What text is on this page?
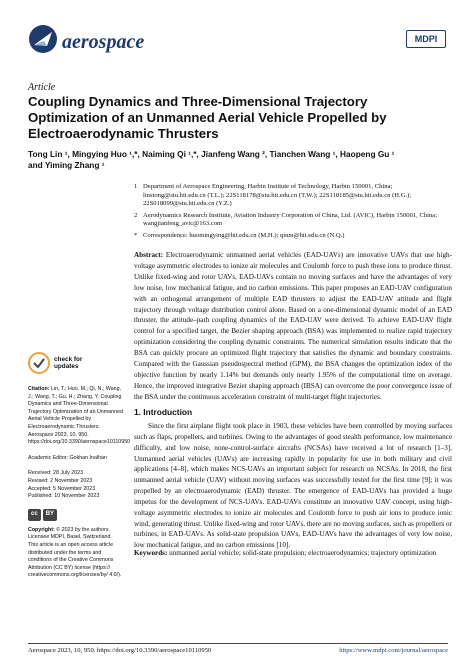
aerospace	MDPI
Article
Coupling Dynamics and Three-Dimensional Trajectory Optimization of an Unmanned Aerial Vehicle Propelled by Electroaerodynamic Thrusters
Tong Lin ¹, Mingying Huo ¹,*, Naiming Qi ¹,*, Jianfeng Wang ², Tianchen Wang ¹, Haopeng Gu ¹
and Yiming Zhang ¹
1 Department of Aerospace Engineering, Harbin Institute of Technology, Harbin 150001, China; linstong@stu.hit.edu.cn (T.L.); 22S118178@stu.hit.edu.cn (T.W.); 22S118185@stu.hit.edu.cn (H.G.); 22S018099@stu.hit.edu.cn (Y.Z.)
2 Aerodynamics Research Institute, Aviation Industry Corporation of China, Ltd. (AVIC), Harbin 150001, China; wangjianfeng_avic@163.com
* Correspondence: huomingying@hit.edu.cn (M.H.); qinm@hit.edu.cn (N.Q.)
Abstract: Electroaerodynamic unmanned aerial vehicles (EAD-UAVs) are innovative UAVs that use high-voltage asymmetric electrodes to ionize air molecules and Coulomb force to push these ions to produce thrust. Unlike fixed-wing and rotor UAVs, EAD-UAVs contain no moving surfaces and have the advantages of very low noise, low mechanical fatigue, and no carbon emissions. This paper proposes an EAD-UAV configuration with an orthogonal arrangement of multiple EAD thrusters to adjust the EAD-UAV attitude and flight trajectory through voltage distribution control alone. Based on a one-dimensional dynamic model of an EAD thruster, the attitude–path coupling dynamics of the EAD-UAV were derived. To achieve EAD-UAV flight control for a specified target, the Bezier shaping approach (BSA) was implemented to realize rapid trajectory optimization considering the coupling dynamic constraints. The numerical simulation results indicate that the BSA can quickly procure an optimized flight trajectory that satisfies the dynamic and boundary constraints. Compared with the Gaussian pseudospectral method (GPM), the BSA changes the optimization index of the objective function by nearly 1.14% but demands only nearly 1.95% of the computational time on average. Hence, the improved integrative Bezier shaping approach (IBSA) can overcome the poor convergence issue of the BSA under the continuous acceleration constraint of multi-target flight trajectories.
Keywords: unmanned aerial vehicle; solid-state propulsion; electroaerodynamics; trajectory optimization
check for
updates
Citation: Lin, T.; Huo, M.; Qi, N.; Wang, J.; Wang, T.; Gu, H.; Zhang, Y. Coupling Dynamics and Three-Dimensional Trajectory Optimization of an Unmanned Aerial Vehicle Propelled by Electroaerodynamic Thrusters. Aerospace 2023, 10, 950. https://doi.org/10.3390/aerospace10110950
Academic Editor: Gokhan Inalhan
Received: 28 July 2023
Revised: 2 November 2023
Accepted: 5 November 2023
Published: 10 November 2023
cc	BY
Copyright: © 2023 by the authors. Licensee MDPI, Basel, Switzerland. This article is an open access article distributed under the terms and conditions of the Creative Commons Attribution (CC BY) license (https:// creativecommons.org/licenses/by/ 4.0/).
1. Introduction
Since the first airplane flight took place in 1903, these vehicles have been controlled by moving surfaces such as flaps, propellers, and turbines. Owing to the advantages of good stealth performance, low maintenance difficulty, and low noise, none-control-surface aircrafts (NCSAs) have received a lot of research [1–3]. Unmanned aerial vehicles (UAVs) are increasing rapidly in popularity for use in both military and civil applications [4–8], which makes NCS-UAVs an important subject for research on NCSAs. In 2018, the first unmanned aerial vehicle (UAV) without moving surfaces was successfully tested for the first time [9]; it was propelled by an electroaerodynamic (EAD) thruster. The emergence of EAD-UAVs has provided a huge impetus for the development of NCS-UAVs. EAD-UAVs constitute an innovative UAV concept, using high-voltage asymmetric electrodes to ionize air molecules and Coulomb force to push air ions to produce ionic wind, generating thrust. Unlike fixed-wing and rotor UAVs, there are no moving surfaces, such as propellers or turbines, in EAD-UAVs. As solid-state propulsion UAVs, EAD-UAVs have the advantages of very low noise, low mechanical fatigue, and no carbon emissions [10].
Aerospace 2023, 10, 950. https://doi.org/10.3390/aerospace10110950	https://www.mdpi.com/journal/aerospace
